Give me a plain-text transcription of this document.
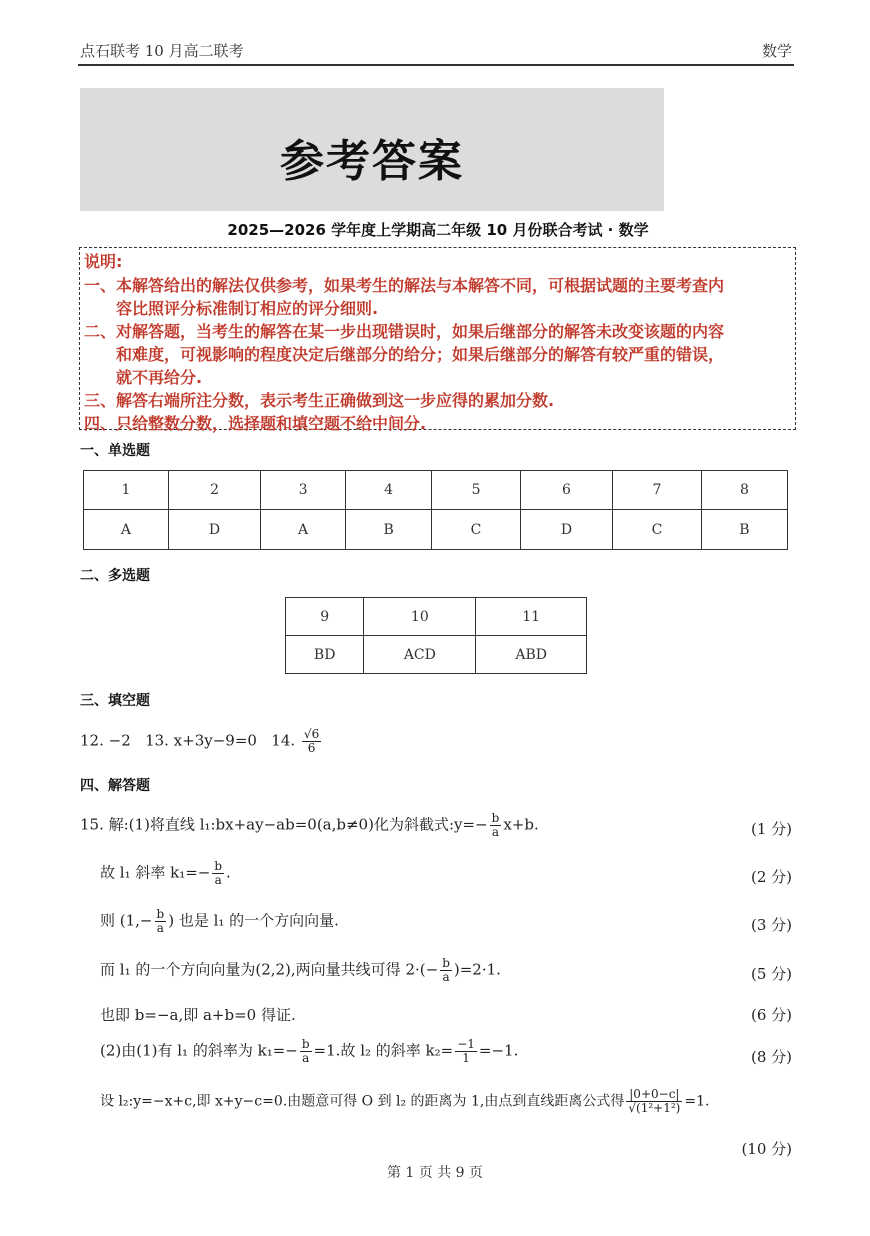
点石联考 10 月高二联考	数学
参考答案
2025—2026 学年度上学期高二年级 10 月份联合考试 · 数学
说明:
一、本解答给出的解法仅供参考，如果考生的解法与本解答不同，可根据试题的主要考查内
容比照评分标准制订相应的评分细则.
二、对解答题，当考生的解答在某一步出现错误时，如果后继部分的解答未改变该题的内容
和难度，可视影响的程度决定后继部分的给分；如果后继部分的解答有较严重的错误，
就不再给分.
三、解答右端所注分数，表示考生正确做到这一步应得的累加分数.
四、只给整数分数，选择题和填空题不给中间分.
一、单选题
1	2	3	4	5	6	7	8
A	D	A	B	C	D	C	B
二、多选题
9	10	11
BD	ACD	ABD
三、填空题
12. −2 13. x+3y−9=0 14. $\frac{√6}{6}$
四、解答题
15. 解:(1)将直线 l₁:bx+ay−ab=0(a,b≠0)化为斜截式:y=− $\frac{b}{a} x+b$.	(1 分)
故 l₁ 斜率 $k_1=- \frac{b}{a}$ .	(2 分)
则 ($1,- \frac{b}{a}$ ) 也是 l₁ 的一个方向向量.	(3 分)
而 l₁ 的一个方向向量为(2,2),两向量共线可得 $2\cdot(- \frac{b}{a} )=2\cdot 1$.	(5 分)
也即 b=−a,即 a+b=0 得证.	(6 分)
(2)由(1)有 l₁ 的斜率为 $k_1=- \frac{b}{a} =1$.故 l₂ 的斜率 $k_2= \frac{-1}{1} =-1$.	(8 分)
设 l₂:y=−x+c,即 x+y−c=0.由题意可得 O 到 l₂ 的距离为 1,由点到直线距离公式得 $\frac{|0+0-c|}{\text{√(1²+1²)}} =1$.
(10 分)
第 1 页 共 9 页
